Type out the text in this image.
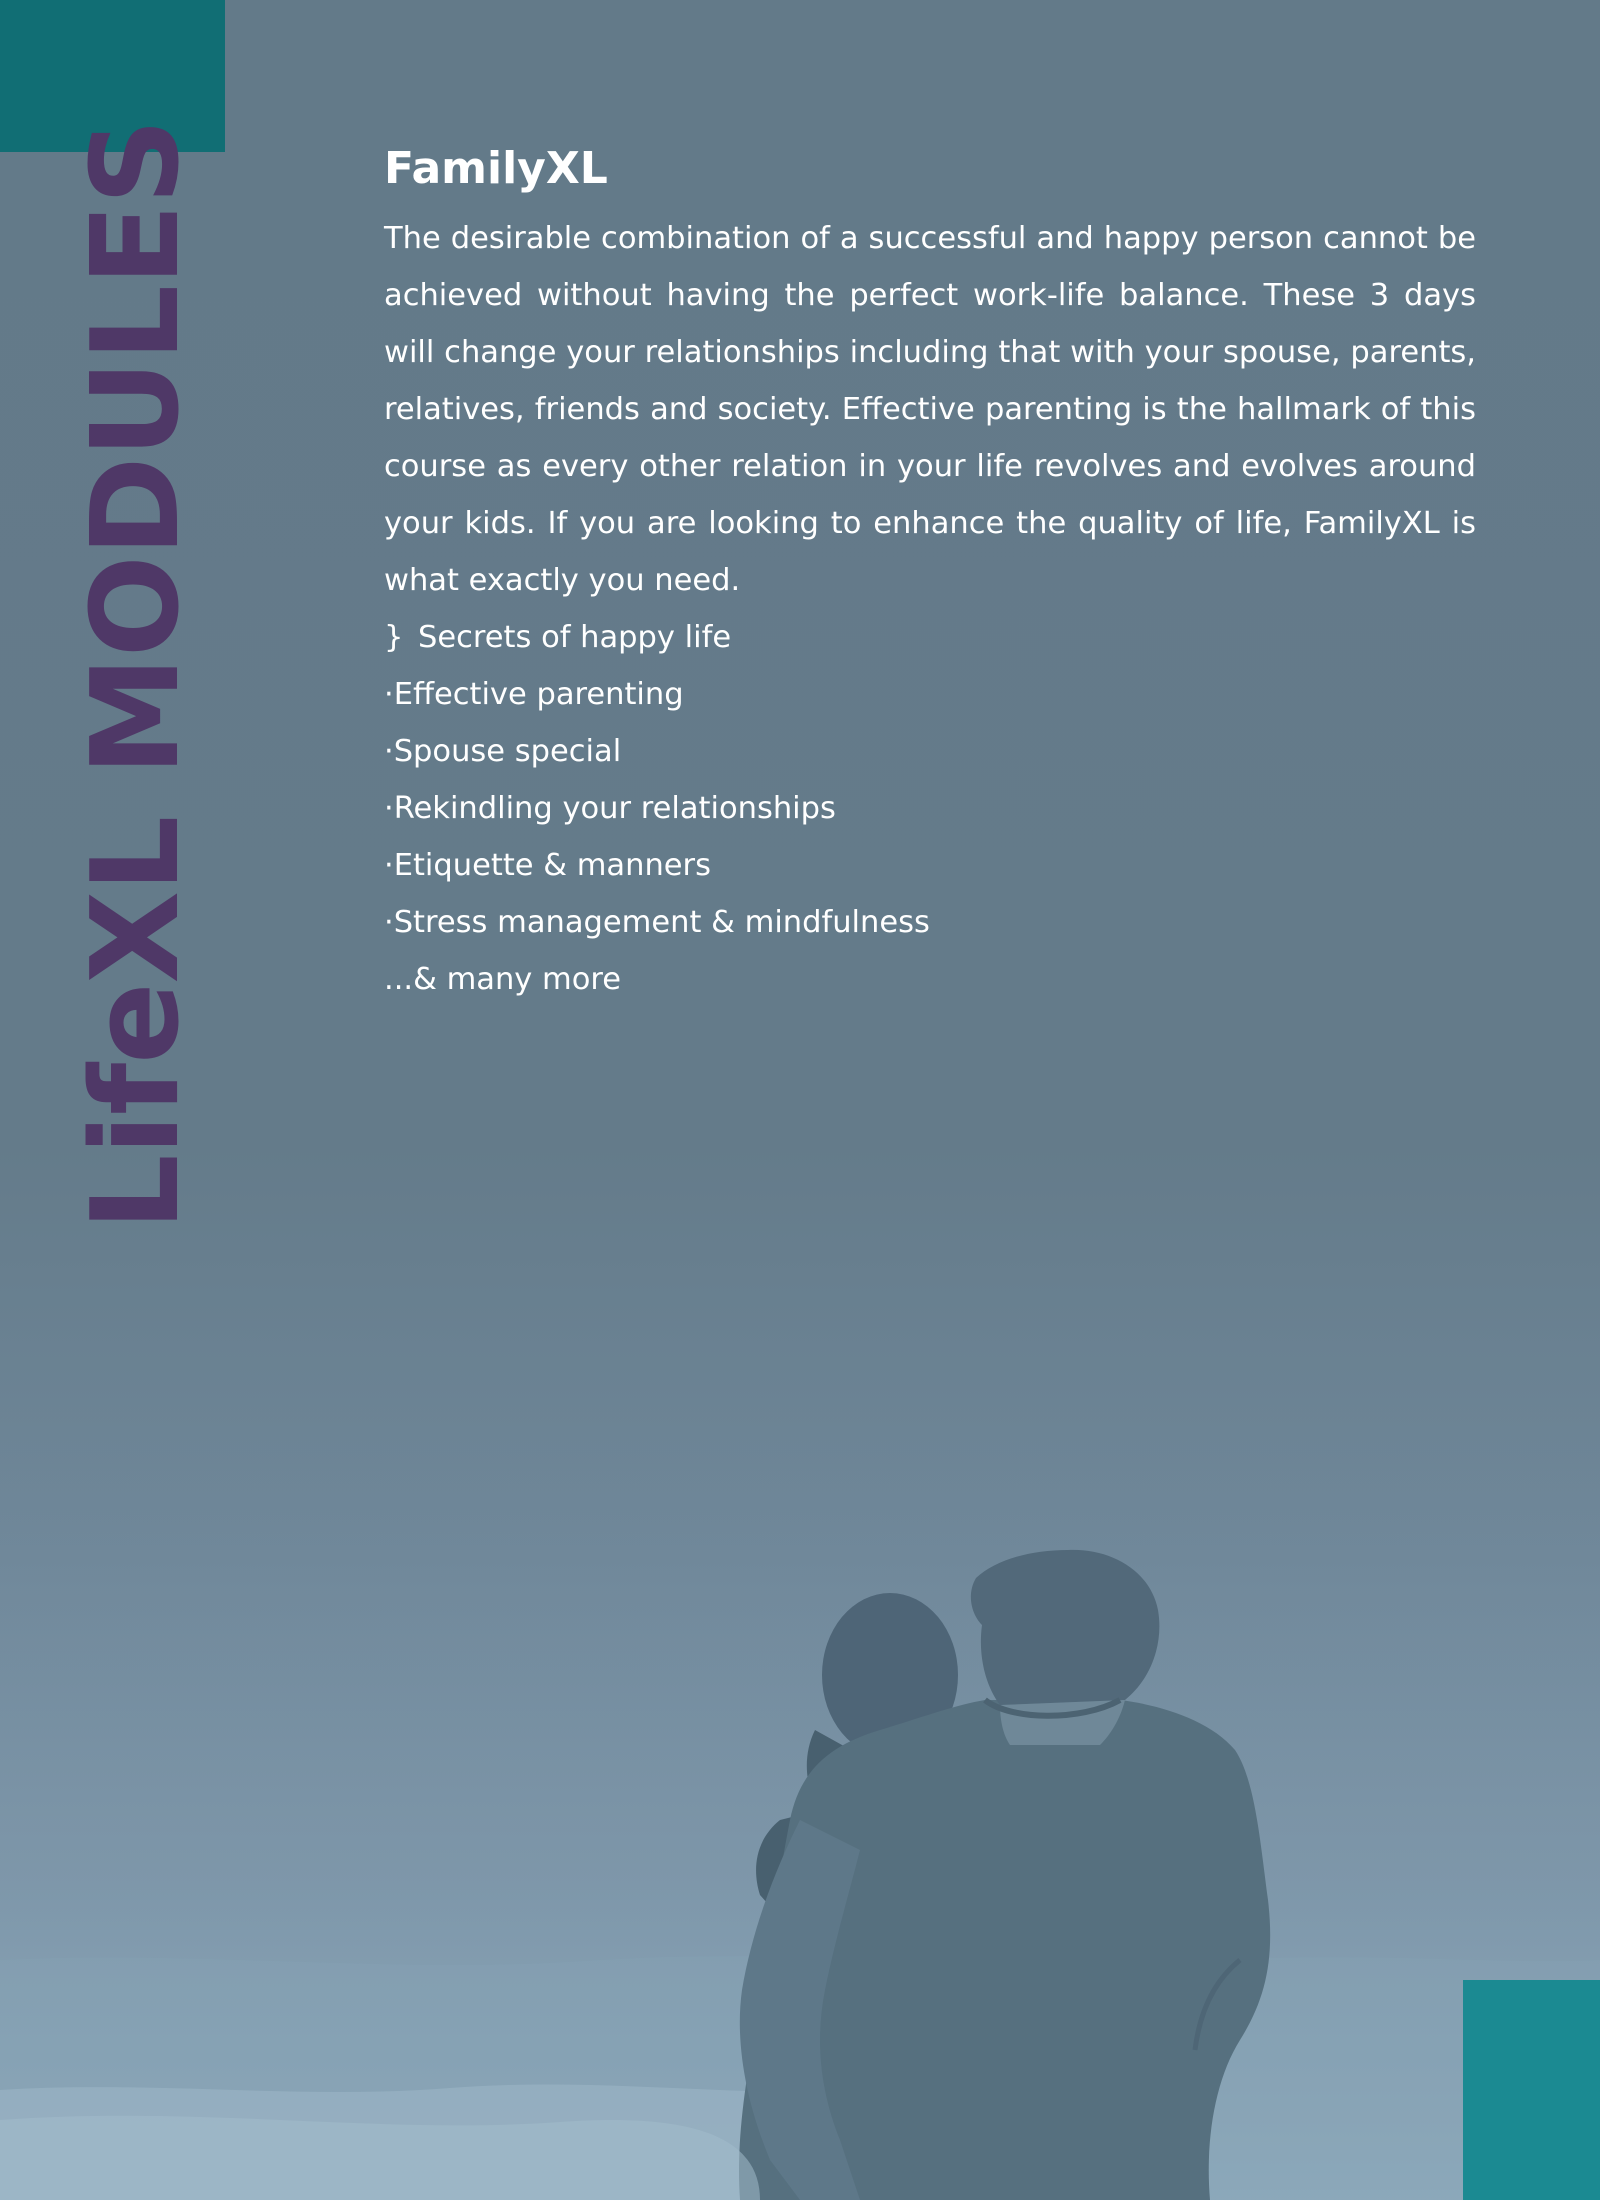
LifeXL MODULES	FamilyXL

The desirable combination of a successful and happy person cannot be achieved without having the perfect work-life balance. These 3 days will change your relationships including that with your spouse, parents, relatives, friends and society. Effective parenting is the hallmark of this course as every other relation in your life revolves and evolves around your kids. If you are looking to enhance the quality of life, FamilyXL is what exactly you need.

} Secrets of happy life
·Effective parenting
·Spouse special
·Rekindling your relationships
·Etiquette & manners
·Stress management & mindfulness

...& many more
